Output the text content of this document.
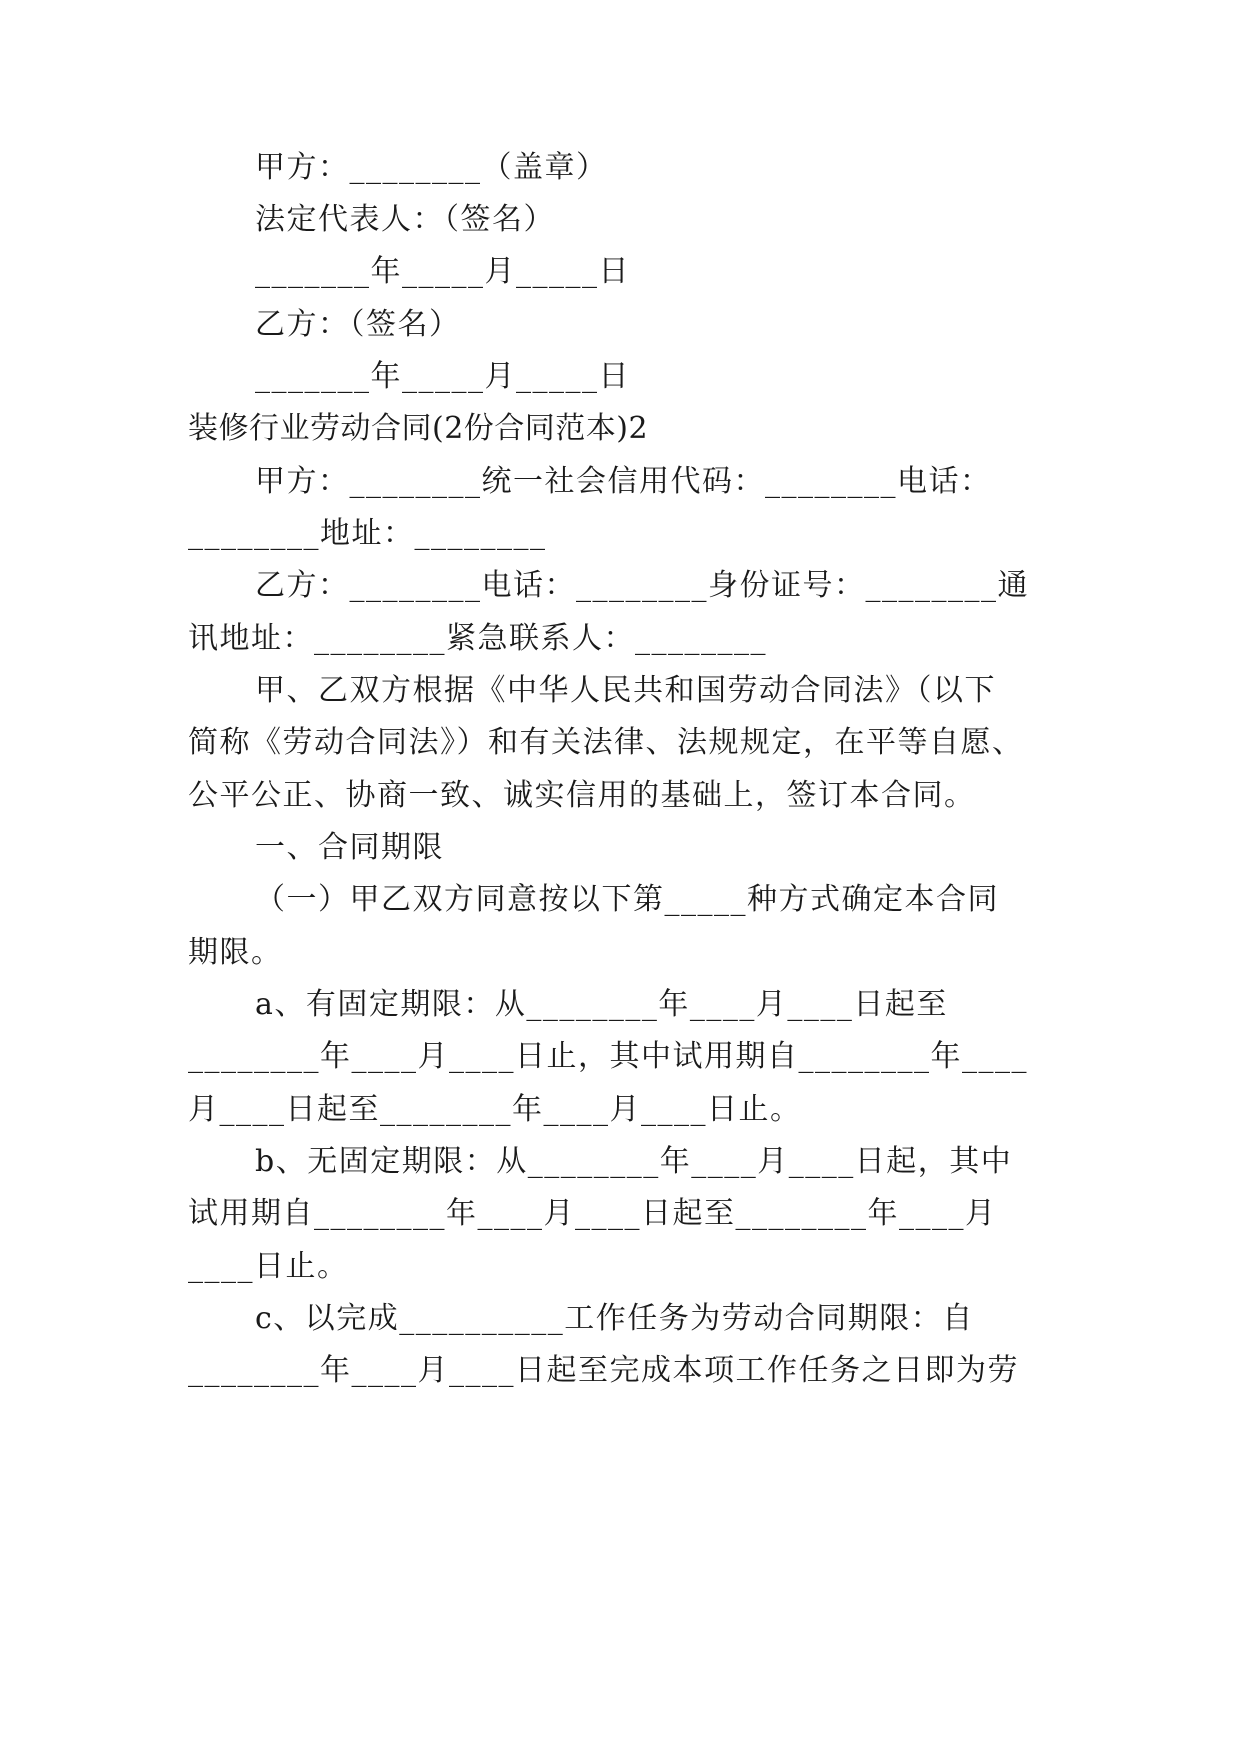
甲方：________（盖章）
法定代表人：（签名）
_______年_____月_____日
乙方：（签名）
_______年_____月_____日
装修行业劳动合同(2份合同范本)2
甲方：________统一社会信用代码：________电话：
________地址：________
乙方：________电话：________身份证号：________通
讯地址：________紧急联系人：________
甲、乙双方根据《中华人民共和国劳动合同法》（以下
简称《劳动合同法》）和有关法律、法规规定，在平等自愿、
公平公正、协商一致、诚实信用的基础上，签订本合同。
一、合同期限
（一）甲乙双方同意按以下第_____种方式确定本合同
期限。
a、有固定期限：从________年____月____日起至
________年____月____日止，其中试用期自________年____
月____日起至________年____月____日止。
b、无固定期限：从________年____月____日起，其中
试用期自________年____月____日起至________年____月
____日止。
c、以完成__________工作任务为劳动合同期限：自
________年____月____日起至完成本项工作任务之日即为劳
